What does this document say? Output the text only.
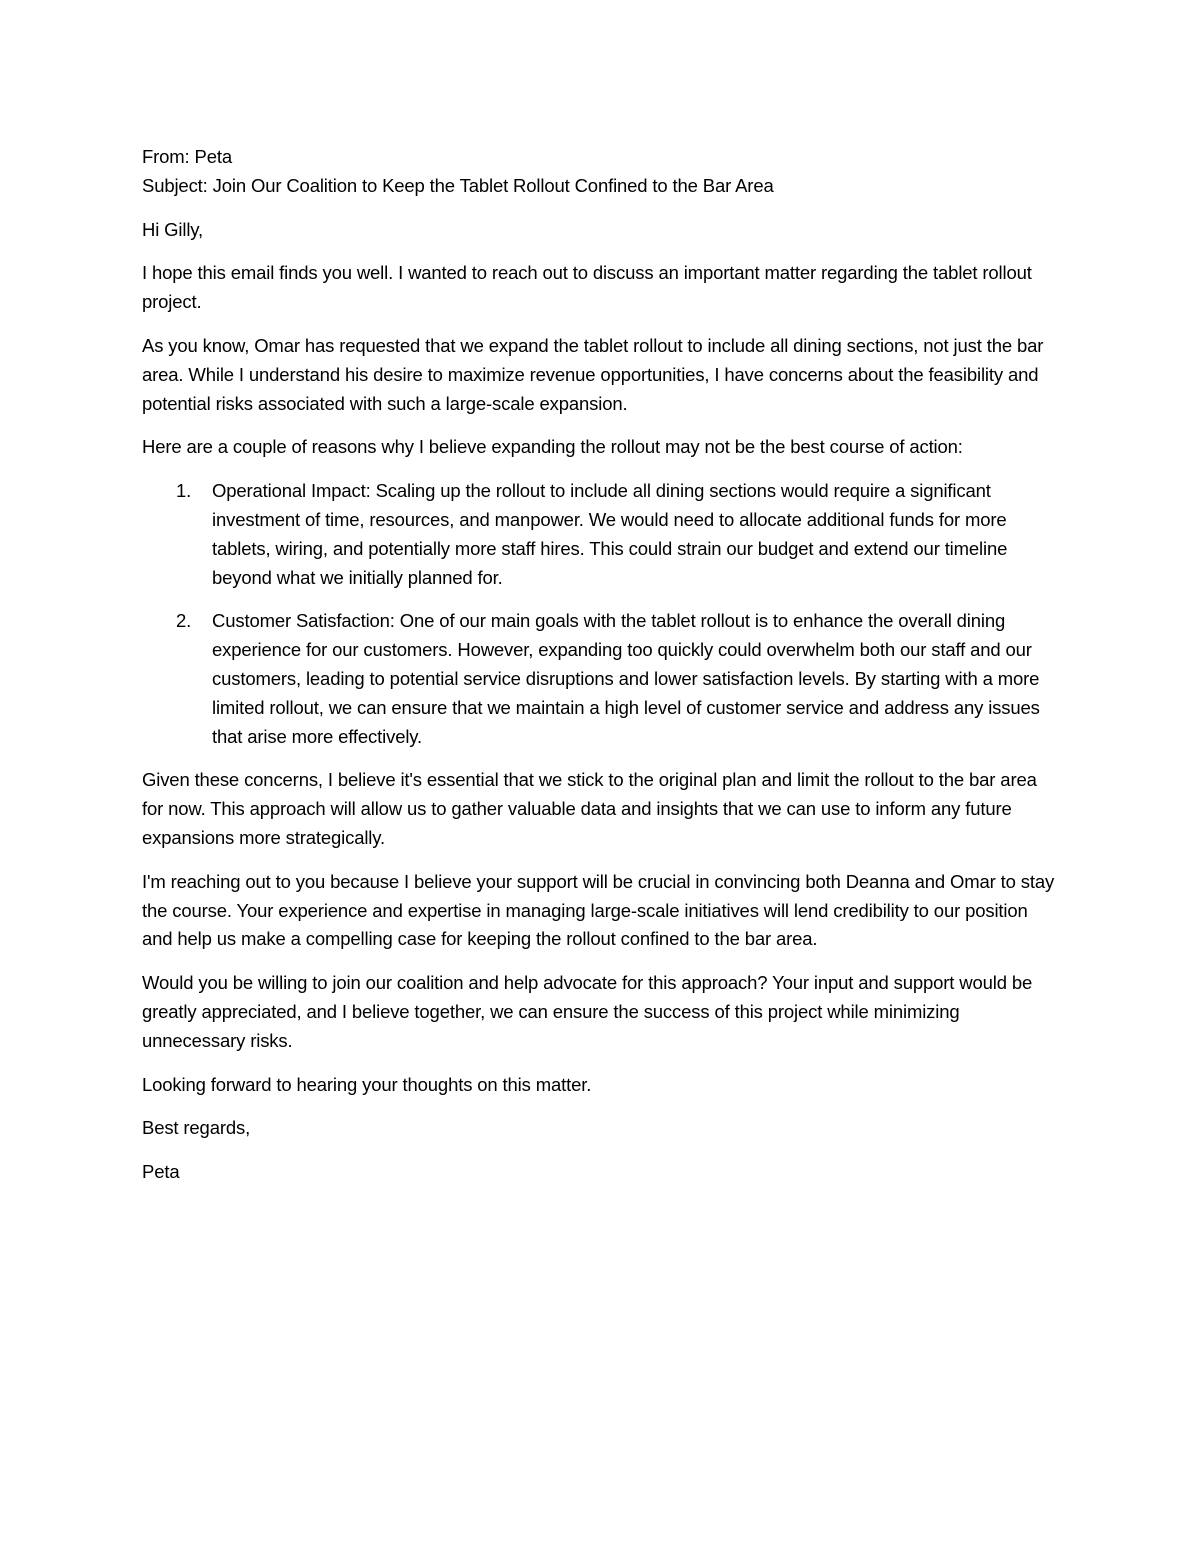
From: Peta

Subject: Join Our Coalition to Keep the Tablet Rollout Confined to the Bar Area

Hi Gilly,

I hope this email finds you well. I wanted to reach out to discuss an important matter regarding the tablet rollout project.

As you know, Omar has requested that we expand the tablet rollout to include all dining sections, not just the bar area. While I understand his desire to maximize revenue opportunities, I have concerns about the feasibility and potential risks associated with such a large-scale expansion.

Here are a couple of reasons why I believe expanding the rollout may not be the best course of action:

1. Operational Impact: Scaling up the rollout to include all dining sections would require a significant investment of time, resources, and manpower. We would need to allocate additional funds for more tablets, wiring, and potentially more staff hires. This could strain our budget and extend our timeline beyond what we initially planned for.
2. Customer Satisfaction: One of our main goals with the tablet rollout is to enhance the overall dining experience for our customers. However, expanding too quickly could overwhelm both our staff and our customers, leading to potential service disruptions and lower satisfaction levels. By starting with a more limited rollout, we can ensure that we maintain a high level of customer service and address any issues that arise more effectively.

Given these concerns, I believe it's essential that we stick to the original plan and limit the rollout to the bar area for now. This approach will allow us to gather valuable data and insights that we can use to inform any future expansions more strategically.

I'm reaching out to you because I believe your support will be crucial in convincing both Deanna and Omar to stay the course. Your experience and expertise in managing large-scale initiatives will lend credibility to our position and help us make a compelling case for keeping the rollout confined to the bar area.

Would you be willing to join our coalition and help advocate for this approach? Your input and support would be greatly appreciated, and I believe together, we can ensure the success of this project while minimizing unnecessary risks.

Looking forward to hearing your thoughts on this matter.

Best regards,

Peta
